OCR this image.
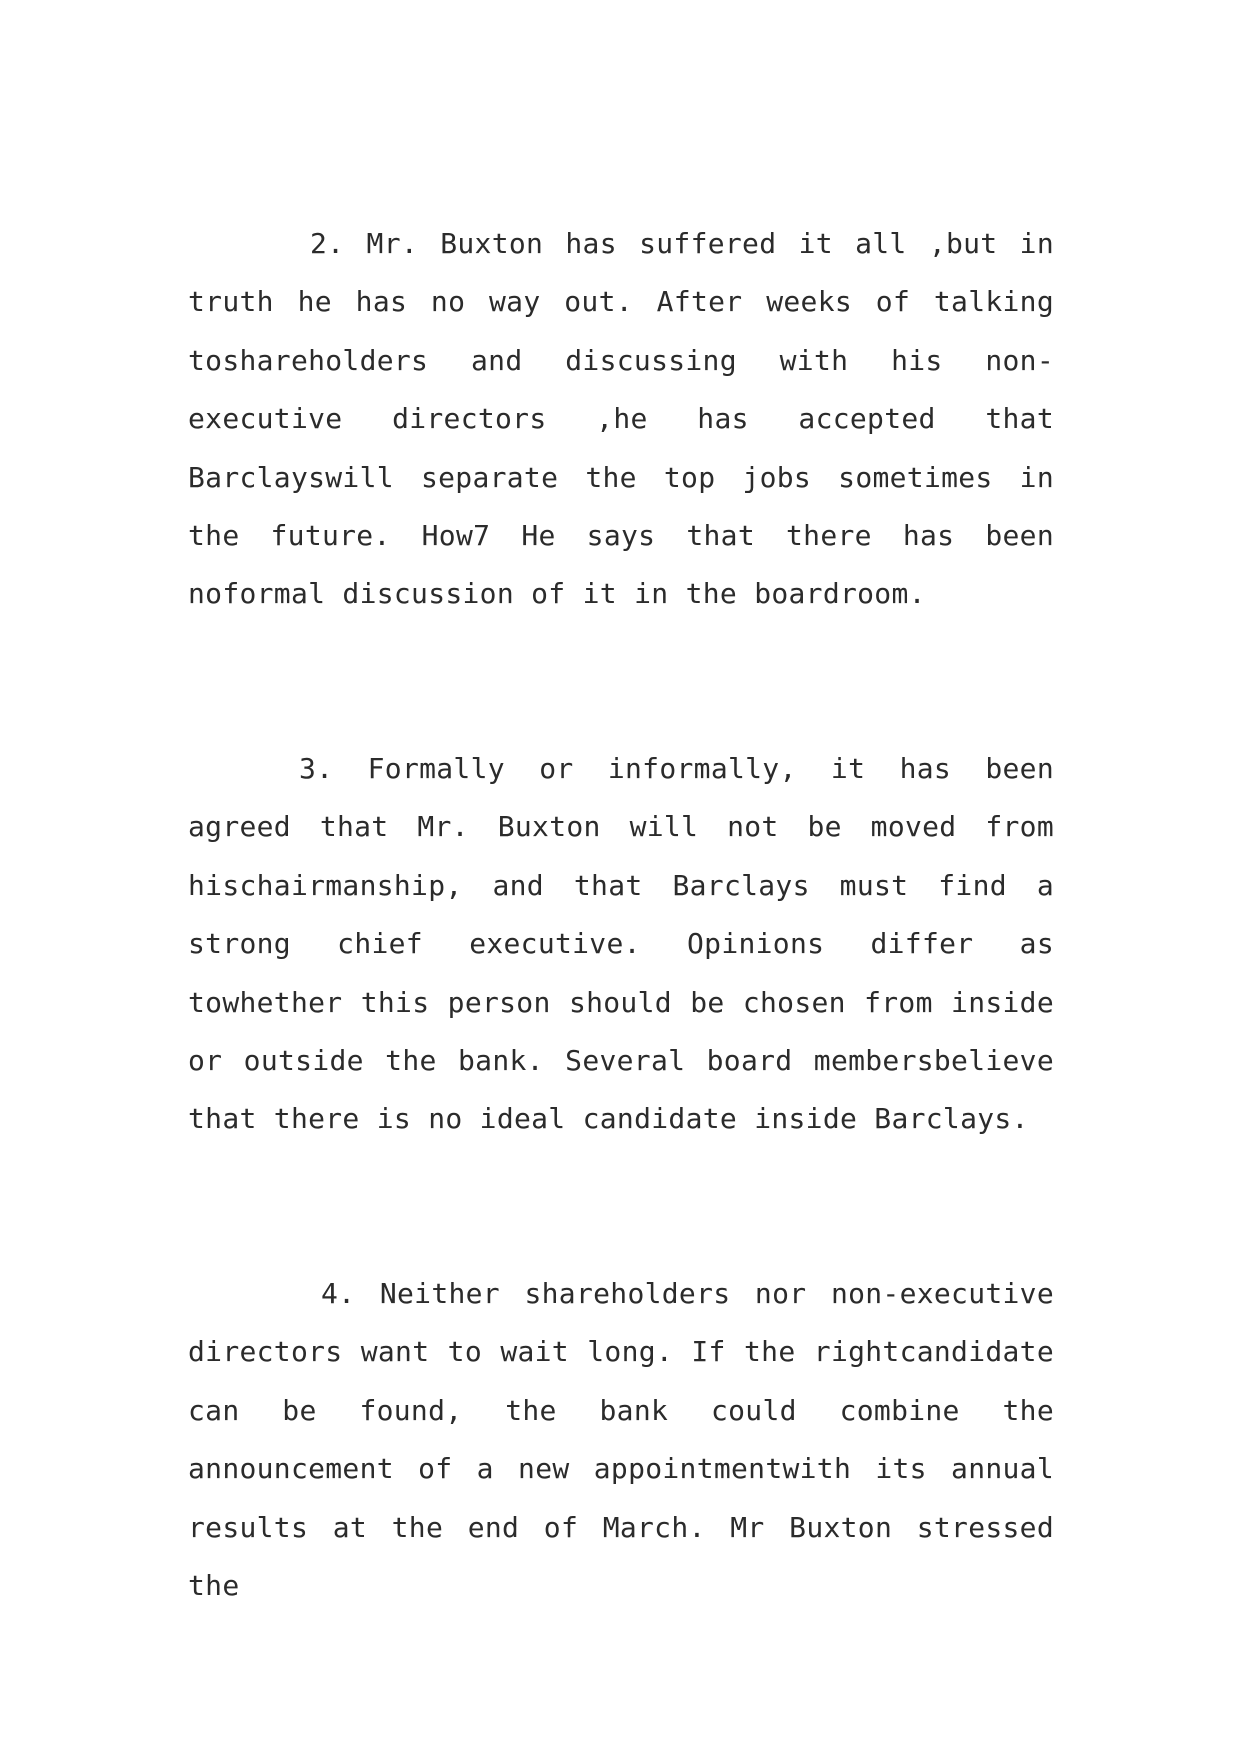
2. Mr. Buxton has suffered it all ,but in truth he has no way out. After weeks of talking toshareholders and discussing with his non-executive directors ,he has accepted that Barclayswill separate the top jobs sometimes in the future. How7 He says that there has been noformal discussion of it in the boardroom.

3. Formally or informally, it has been agreed that Mr. Buxton will not be moved from hischairmanship, and that Barclays must find a strong chief executive. Opinions differ as towhether this person should be chosen from inside or outside the bank. Several board membersbelieve that there is no ideal candidate inside Barclays.

4. Neither shareholders nor non-executive directors want to wait long. If the rightcandidate can be found, the bank could combine the announcement of a new appointmentwith its annual results at the end of March. Mr Buxton stressed the
